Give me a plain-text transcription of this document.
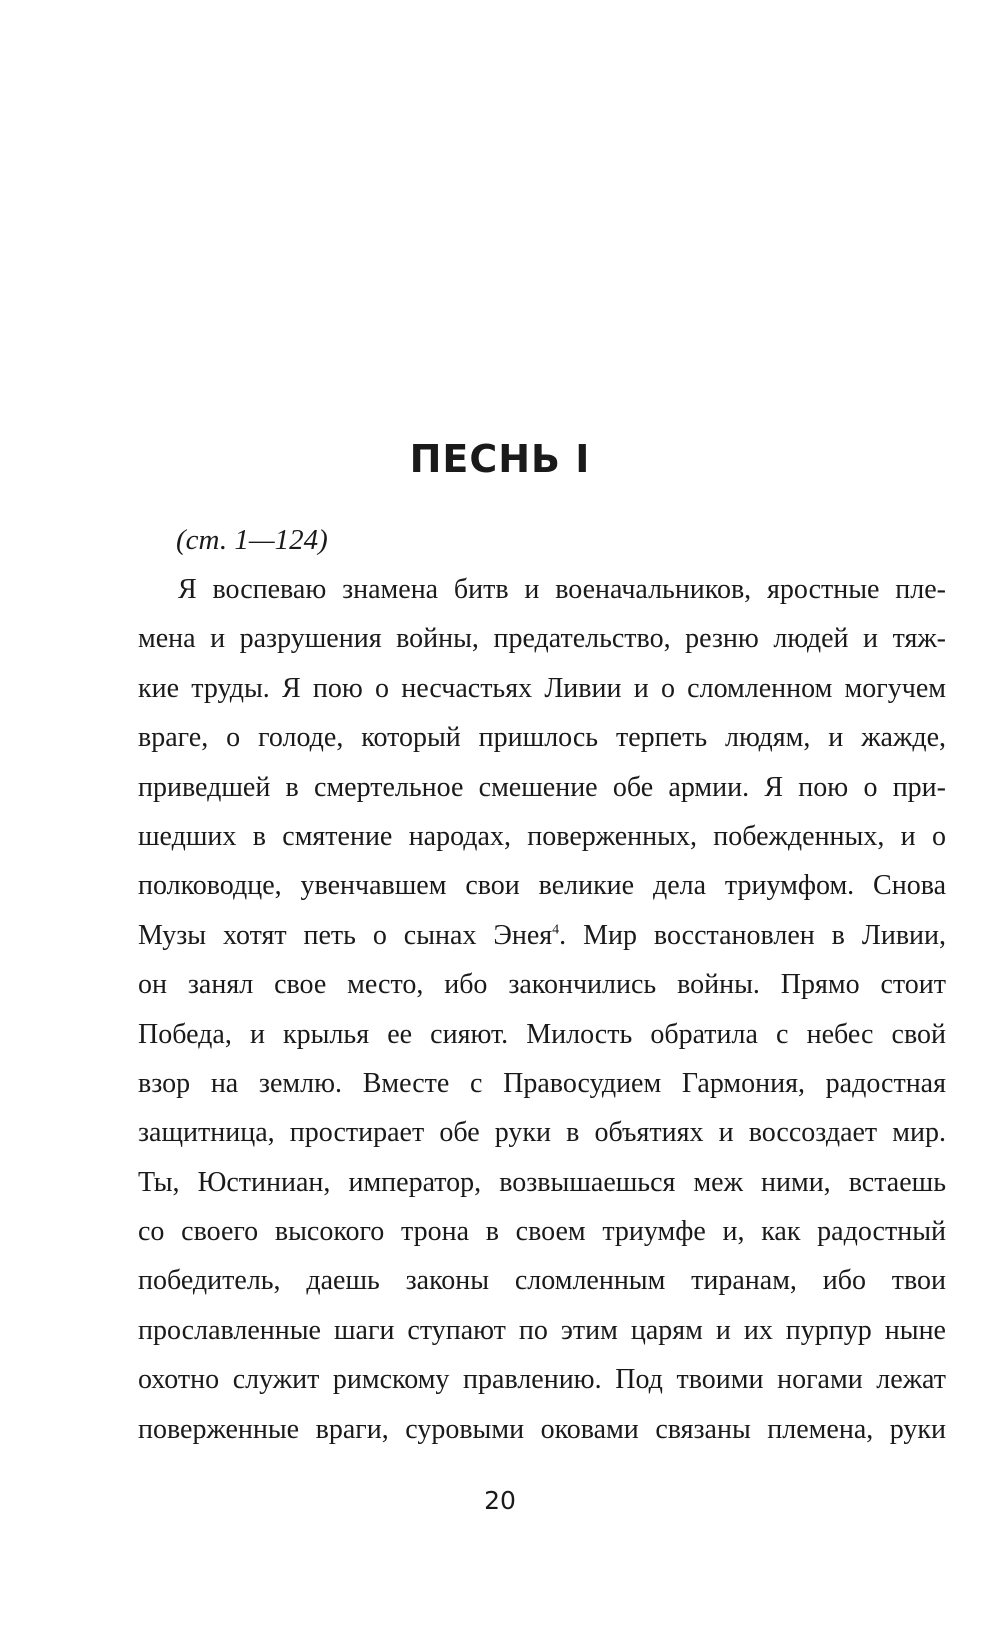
ПЕСНЬ I

(ст. 1—124)

Я воспеваю знамена битв и военачальников, яростные пле-
мена и разрушения войны, предательство, резню людей и тяж-
кие труды. Я пою о несчастьях Ливии и о сломленном могучем
враге, о голоде, который пришлось терпеть людям, и жажде,
приведшей в смертельное смешение обе армии. Я пою о при-
шедших в смятение народах, поверженных, побежденных, и о
полководце, увенчавшем свои великие дела триумфом. Снова
Музы хотят петь о сынах Энея$^4$. Мир восстановлен в Ливии,
он занял свое место, ибо закончились войны. Прямо стоит
Победа, и крылья ее сияют. Милость обратила с небес свой
взор на землю. Вместе с Правосудием Гармония, радостная
защитница, простирает обе руки в объятиях и воссоздает мир.
Ты, Юстиниан, император, возвышаешься меж ними, встаешь
со своего высокого трона в своем триумфе и, как радостный
победитель, даешь законы сломленным тиранам, ибо твои
прославленные шаги ступают по этим царям и их пурпур ныне
охотно служит римскому правлению. Под твоими ногами лежат
поверженные враги, суровыми оковами связаны племена, руки

20
